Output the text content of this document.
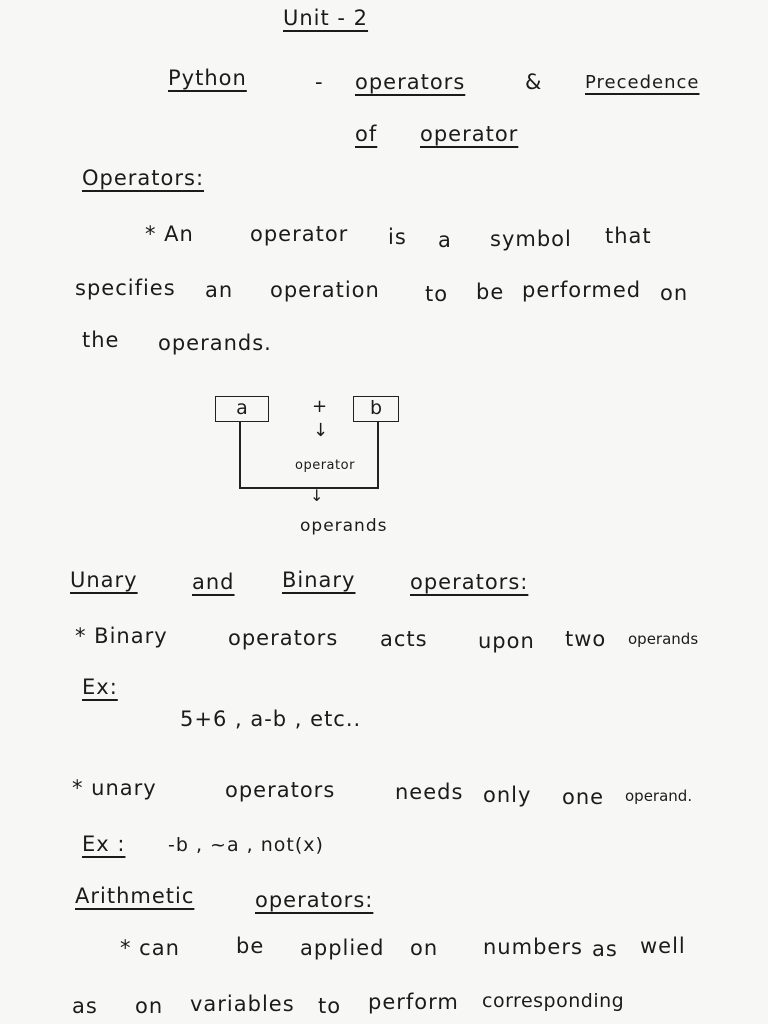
Unit - 2
Python	- operators	& Precedence
of operator
Operators:
* An	operator is a symbol that
specifies an operation to be performed on
the operands.
a	+	b
↓
operator
↓
operands
Unary	and Binary	operators:
* Binary	operators acts upon two operands
Ex:
5+6 , a-b , etc..
* unary	operators	needs only one operand.
Ex : -b , ~a , not(x)
Arithmetic	operators:
* can	be applied on numbers as well
as on variables to perform corresponding
